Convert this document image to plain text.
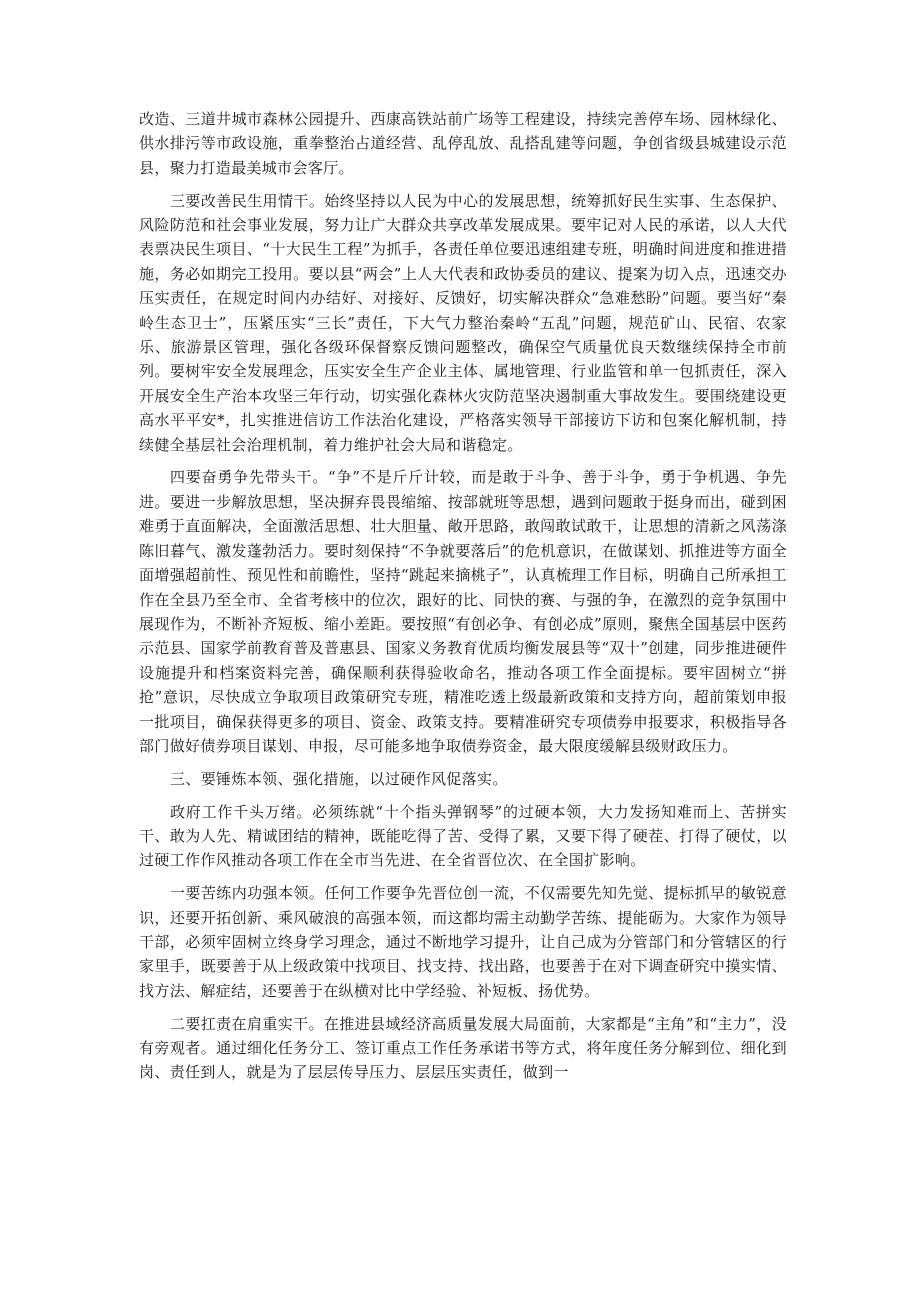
改造、三道井城市森林公园提升、西康高铁站前广场等工程建设，持续完善停车场、园林绿化、供水排污等市政设施，重拳整治占道经营、乱停乱放、乱搭乱建等问题，争创省级县城建设示范县，聚力打造最美城市会客厅。

三要改善民生用情干。始终坚持以人民为中心的发展思想，统筹抓好民生实事、生态保护、风险防范和社会事业发展，努力让广大群众共享改革发展成果。要牢记对人民的承诺，以人大代表票决民生项目、“十大民生工程”为抓手，各责任单位要迅速组建专班，明确时间进度和推进措施，务必如期完工投用。要以县“两会”上人大代表和政协委员的建议、提案为切入点，迅速交办压实责任，在规定时间内办结好、对接好、反馈好，切实解决群众“急难愁盼”问题。要当好“秦岭生态卫士”，压紧压实“三长”责任，下大气力整治秦岭“五乱”问题，规范矿山、民宿、农家乐、旅游景区管理，强化各级环保督察反馈问题整改，确保空气质量优良天数继续保持全市前列。要树牢安全发展理念，压实安全生产企业主体、属地管理、行业监管和单一包抓责任，深入开展安全生产治本攻坚三年行动，切实强化森林火灾防范坚决遏制重大事故发生。要围绕建设更高水平平安*，扎实推进信访工作法治化建设，严格落实领导干部接访下访和包案化解机制，持续健全基层社会治理机制，着力维护社会大局和谐稳定。

四要奋勇争先带头干。“争”不是斤斤计较，而是敢于斗争、善于斗争，勇于争机遇、争先进。要进一步解放思想，坚决摒弃畏畏缩缩、按部就班等思想，遇到问题敢于挺身而出，碰到困难勇于直面解决，全面激活思想、壮大胆量、敞开思路，敢闯敢试敢干，让思想的清新之风荡涤陈旧暮气、激发蓬勃活力。要时刻保持“不争就要落后”的危机意识，在做谋划、抓推进等方面全面增强超前性、预见性和前瞻性，坚持“跳起来摘桃子”，认真梳理工作目标，明确自己所承担工作在全县乃至全市、全省考核中的位次，跟好的比、同快的赛、与强的争，在激烈的竞争氛围中展现作为，不断补齐短板、缩小差距。要按照“有创必争、有创必成”原则，聚焦全国基层中医药示范县、国家学前教育普及普惠县、国家义务教育优质均衡发展县等“双十”创建，同步推进硬件设施提升和档案资料完善，确保顺利获得验收命名，推动各项工作全面提标。要牢固树立“拼抢”意识，尽快成立争取项目政策研究专班，精准吃透上级最新政策和支持方向，超前策划申报一批项目，确保获得更多的项目、资金、政策支持。要精准研究专项债券申报要求，积极指导各部门做好债券项目谋划、申报，尽可能多地争取债券资金，最大限度缓解县级财政压力。

三、要锤炼本领、强化措施，以过硬作风促落实。

政府工作千头万绪。必须练就“十个指头弹钢琴”的过硬本领，大力发扬知难而上、苦拼实干、敢为人先、精诚团结的精神，既能吃得了苦、受得了累，又要下得了硬茬、打得了硬仗，以过硬工作作风推动各项工作在全市当先进、在全省晋位次、在全国扩影响。

一要苦练内功强本领。任何工作要争先晋位创一流，不仅需要先知先觉、提标抓早的敏锐意识，还要开拓创新、乘风破浪的高强本领，而这都均需主动勤学苦练、提能砺为。大家作为领导干部，必须牢固树立终身学习理念，通过不断地学习提升，让自己成为分管部门和分管辖区的行家里手，既要善于从上级政策中找项目、找支持、找出路，也要善于在对下调查研究中摸实情、找方法、解症结，还要善于在纵横对比中学经验、补短板、扬优势。

二要扛责在肩重实干。在推进县域经济高质量发展大局面前，大家都是“主角”和“主力”，没有旁观者。通过细化任务分工、签订重点工作任务承诺书等方式，将年度任务分解到位、细化到岗、责任到人，就是为了层层传导压力、层层压实责任，做到一
